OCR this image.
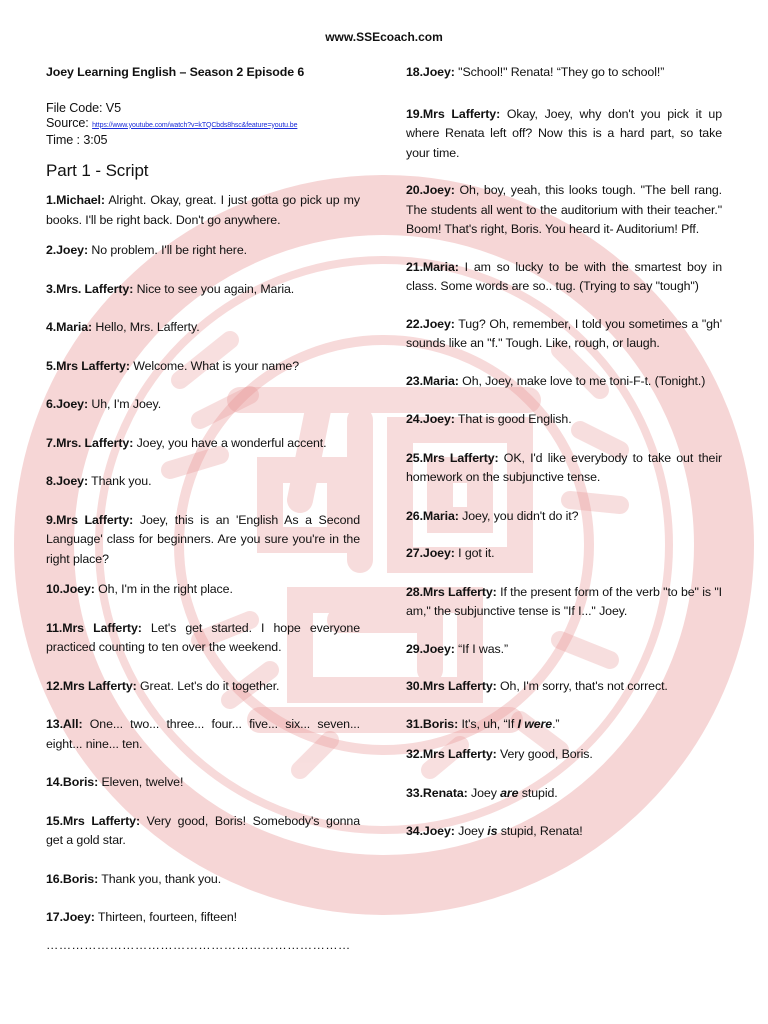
www.SSEcoach.com
Joey Learning English – Season 2 Episode 6
File Code: V5
Source: https://www.youtube.com/watch?v=kTQCbds8hsc&feature=youtu.be
Time : 3:05
Part 1 - Script

1.Michael: Alright. Okay, great. I just gotta go pick up my books. I'll be right back. Don't go anywhere.

2.Joey: No problem. I'll be right here.

3.Mrs. Lafferty: Nice to see you again, Maria.

4.Maria: Hello, Mrs. Lafferty.

5.Mrs Lafferty: Welcome. What is your name?

6.Joey: Uh, I'm Joey.

7.Mrs. Lafferty: Joey, you have a wonderful accent.

8.Joey: Thank you.

9.Mrs Lafferty: Joey, this is an 'English As a Second Language' class for beginners. Are you sure you're in the right place?

10.Joey: Oh, I'm in the right place.

11.Mrs Lafferty: Let's get started. I hope everyone practiced counting to ten over the weekend.

12.Mrs Lafferty: Great. Let's do it together.

13.All: One... two... three... four... five... six... seven... eight... nine... ten.

14.Boris: Eleven, twelve!

15.Mrs Lafferty: Very good, Boris! Somebody's gonna get a gold star.

16.Boris: Thank you, thank you.

17.Joey: Thirteen, fourteen, fifteen!

………………………………………………………………

18.Joey: "School!" Renata! “They go to school!”

19.Mrs Lafferty: Okay, Joey, why don't you pick it up where Renata left off? Now this is a hard part, so take your time.

20.Joey: Oh, boy, yeah, this looks tough. "The bell rang. The students all went to the auditorium with their teacher." Boom! That's right, Boris. You heard it- Auditorium! Pff.

21.Maria: I am so lucky to be with the smartest boy in class. Some words are so.. tug. (Trying to say "tough")

22.Joey: Tug? Oh, remember, I told you sometimes a "gh' sounds like an "f." Tough. Like, rough, or laugh.

23.Maria: Oh, Joey, make love to me toni-F-t. (Tonight.)

24.Joey: That is good English.

25.Mrs Lafferty: OK, I'd like everybody to take out their homework on the subjunctive tense.

26.Maria: Joey, you didn't do it?

27.Joey: I got it.

28.Mrs Lafferty: If the present form of the verb "to be" is "I am," the subjunctive tense is "If I..." Joey.

29.Joey: “If I was.”

30.Mrs Lafferty: Oh, I'm sorry, that's not correct.

31.Boris: It's, uh, “If I were.”

32.Mrs Lafferty: Very good, Boris.

33.Renata: Joey are stupid.

34.Joey: Joey is stupid, Renata!
